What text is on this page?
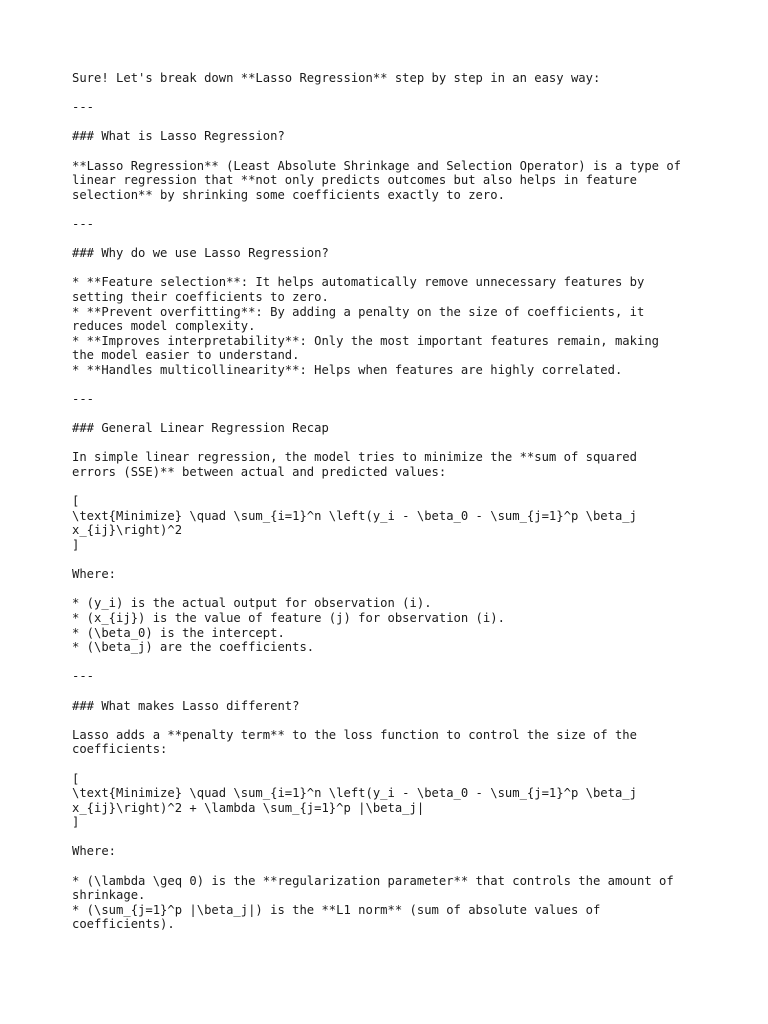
Sure! Let's break down **Lasso Regression** step by step in an easy way:
---
### What is Lasso Regression?
**Lasso Regression** (Least Absolute Shrinkage and Selection Operator) is a type of
linear regression that **not only predicts outcomes but also helps in feature
selection** by shrinking some coefficients exactly to zero.
---
### Why do we use Lasso Regression?
* **Feature selection**: It helps automatically remove unnecessary features by
setting their coefficients to zero.
* **Prevent overfitting**: By adding a penalty on the size of coefficients, it
reduces model complexity.
* **Improves interpretability**: Only the most important features remain, making
the model easier to understand.
* **Handles multicollinearity**: Helps when features are highly correlated.
---
### General Linear Regression Recap
In simple linear regression, the model tries to minimize the **sum of squared
errors (SSE)** between actual and predicted values:
[
\text{Minimize} \quad \sum_{i=1}^n \left(y_i - \beta_0 - \sum_{j=1}^p \beta_j
x_{ij}\right)^2
]
Where:
* (y_i) is the actual output for observation (i).
* (x_{ij}) is the value of feature (j) for observation (i).
* (\beta_0) is the intercept.
* (\beta_j) are the coefficients.
---
### What makes Lasso different?
Lasso adds a **penalty term** to the loss function to control the size of the
coefficients:
[
\text{Minimize} \quad \sum_{i=1}^n \left(y_i - \beta_0 - \sum_{j=1}^p \beta_j
x_{ij}\right)^2 + \lambda \sum_{j=1}^p |\beta_j|
]
Where:
* (\lambda \geq 0) is the **regularization parameter** that controls the amount of
shrinkage.
* (\sum_{j=1}^p |\beta_j|) is the **L1 norm** (sum of absolute values of
coefficients).
